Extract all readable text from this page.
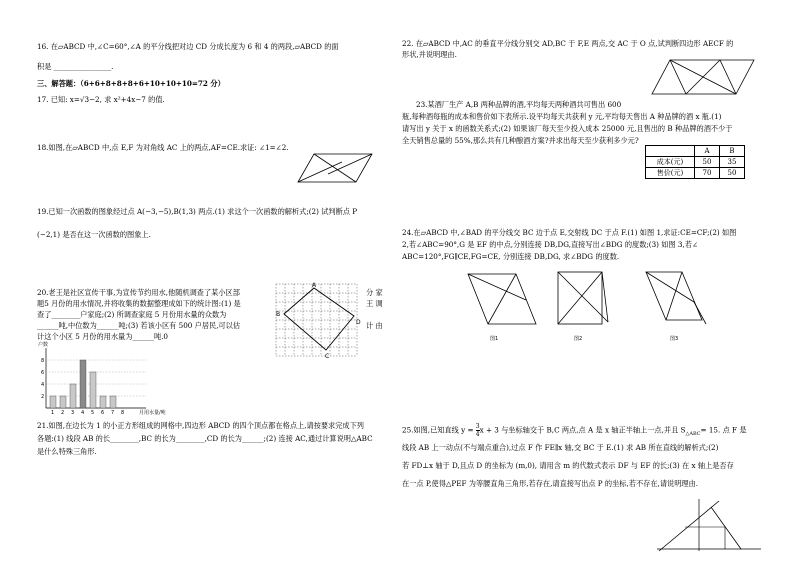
16. 在▱ABCD 中,∠C=60°,∠A 的平分线把对边 CD 分成长度为 6 和 4 的两段,▱ABCD 的面
积是 ________________.
三、解答题：（6+6+8+8+8+6+10+10+10=72 分）
17. 已知: x=√3−2, 求 x²+4x−7 的值.
18.如图,在▱ABCD 中,点 E,F 为对角线 AC 上的两点,AF=CE.求证: ∠1=∠2.
19.已知一次函数的图象经过点 A(−3,−5),B(1,3) 两点.(1) 求这个一次函数的解析式;(2) 试判断点 P
(−2,1) 是否在这一次函数的图象上.
20.老王是社区宣传干事,为宣传节约用水,他随机调查了某小区部
题5 月份的用水情况,并将收集的数据整理成如下的统计图:(1) 是
查了________户家庭;(2) 所调查家庭 5 月份用水量的众数为
______吨,中位数为______吨;(3) 若该小区有 500 户居民,可以估
计这个小区 5 月份的用水量为______吨.0
分 家
王 调
计 由
A
B
C
D
户数
月用水量/吨
2
4
6
8
1 2 3 4 5 6 7 8
21.如图,在边长为 1 的小正方形组成的网格中,四边形 ABCD 的四个顶点都在格点上,请按要求完成下列
各题:(1) 线段 AB 的长________,BC 的长为________,CD 的长为______;(2) 连接 AC,通过计算说明△ABC
是什么特殊三角形.
22. 在▱ABCD 中,AC 的垂直平分线分别交 AD,BC 于 F,E 两点,交 AC 于 O 点,试判断四边形 AECF 的
形状,并说明理由.
23.某酒厂生产 A,B 两种品牌的酒,平均每天两种酒共可售出 600
瓶,每种酒每瓶的成本和售价如下表所示.设平均每天共获利 y 元,平均每天售出 A 种品牌的酒 x 瓶.(1)
请写出 y 关于 x 的函数关系式;(2) 如果该厂每天至少投入成本 25000 元,且售出的 B 种品牌的酒不少于
全天销售总量的 55%,那么共有几种酿酒方案?并求出每天至少获利多少元?
	A	B
成本(元)	50	35
售价(元)	70	50
24.在▱ABCD 中,∠BAD 的平分线交 BC 边于点 E,交射线 DC 于点 F.(1) 如图 1,求证:CE=CF;(2) 如图
2,若∠ABC=90°,G 是 EF 的中点,分别连接 DB,DG,直接写出∠BDG 的度数;(3) 如图 3,若∠
ABC=120°,FG∥CE,FG=CE, 分别连接 DB,DG, 求∠BDG 的度数.
图1	图2	图3
25.如图,已知直线 $y = \frac{3}{4}$ x + 3 与坐标轴交于 B,C 两点,点 A 是 x 轴正半轴上一点,并且 $S_{\triangle ABC}= 15$. 点 F 是
线段 AB 上一动点(不与端点重合),过点 F 作 FE∥x 轴,交 BC 于 E.(1) 求 AB 所在直线的解析式;(2)
若 FD⊥x 轴于 D,且点 D 的坐标为 (m,0), 请用含 m 的代数式表示 DF 与 EF 的长;(3) 在 x 轴上是否存
在一点 P,使得△PEF 为等腰直角三角形,若存在,请直接写出点 P 的坐标,若不存在,请说明理由.
